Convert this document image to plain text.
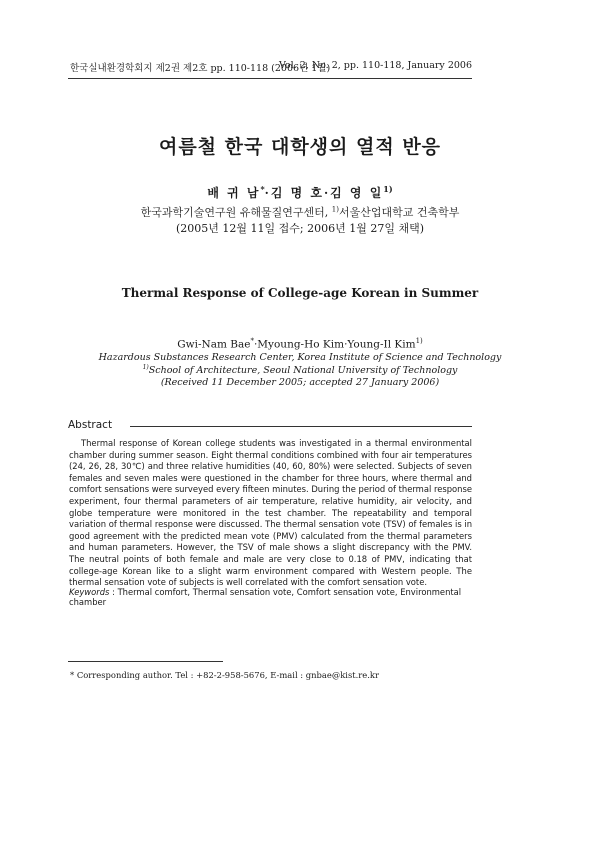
한국실내환경학회지 제2권 제2호 pp. 110-118 (2006년 1월)
Vol. 2, No. 2, pp. 110-118, January 2006
여름철 한국 대학생의 열적 반응
배 귀 남*·김 명 호·김 영 일$^{1)}$
한국과학기술연구원 유해물질연구센터, $^{1)}$서울산업대학교 건축학부
(2005년 12월 11일 접수; 2006년 1월 27일 채택)
Thermal Response of College-age Korean in Summer
Gwi-Nam Bae*·Myoung-Ho Kim·Young-Il Kim$^{1)}$
Hazardous Substances Research Center, Korea Institute of Science and Technology
$^{1)}$School of Architecture, Seoul National University of Technology
(Received 11 December 2005; accepted 27 January 2006)
Abstract

Thermal response of Korean college students was investigated in a thermal environmental chamber during summer season. Eight thermal conditions combined with four air temperatures (24, 26, 28, 30℃) and three relative humidities (40, 60, 80%) were selected. Subjects of seven females and seven males were questioned in the chamber for three hours, where thermal and comfort sensations were surveyed every fifteen minutes. During the period of thermal response experiment, four thermal parameters of air temperature, relative humidity, air velocity, and globe temperature were monitored in the test chamber. The repeatability and temporal variation of thermal response were discussed. The thermal sensation vote (TSV) of females is in good agreement with the predicted mean vote (PMV) calculated from the thermal parameters and human parameters. However, the TSV of male shows a slight discrepancy with the PMV. The neutral points of both female and male are very close to 0.18 of PMV, indicating that college-age Korean like to a slight warm environment compared with Western people. The thermal sensation vote of subjects is well correlated with the comfort sensation vote.

Keywords : Thermal comfort, Thermal sensation vote, Comfort sensation vote, Environmental chamber
* Corresponding author. Tel : +82-2-958-5676, E-mail : gnbae@kist.re.kr
